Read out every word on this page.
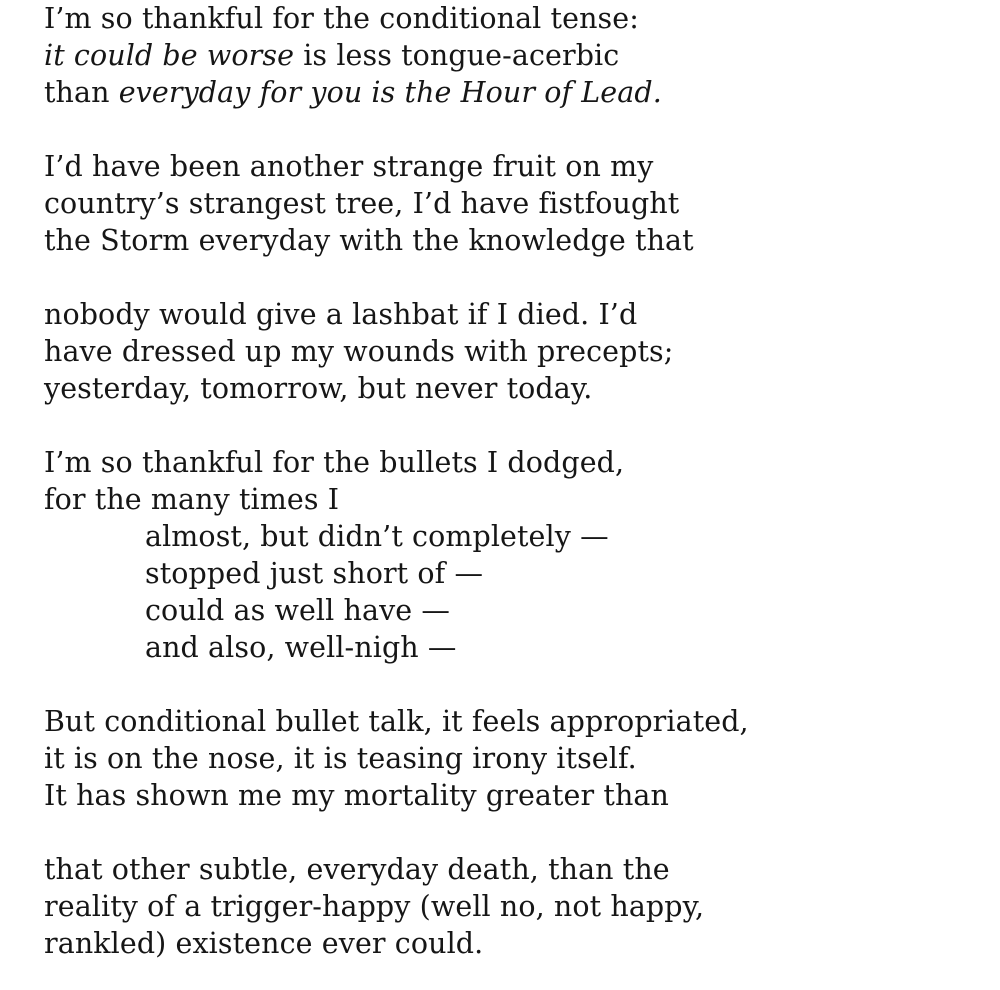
I’m so thankful for the conditional tense:
it could be worse is less tongue-acerbic
than everyday for you is the Hour of Lead.
I’d have been another strange fruit on my
country’s strangest tree, I’d have fistfought
the Storm everyday with the knowledge that
nobody would give a lashbat if I died. I’d
have dressed up my wounds with precepts;
yesterday, tomorrow, but never today.
I’m so thankful for the bullets I dodged,
for the many times I
almost, but didn’t completely —
stopped just short of —
could as well have —
and also, well-nigh —
But conditional bullet talk, it feels appropriated,
it is on the nose, it is teasing irony itself.
It has shown me my mortality greater than
that other subtle, everyday death, than the
reality of a trigger-happy (well no, not happy,
rankled) existence ever could.
